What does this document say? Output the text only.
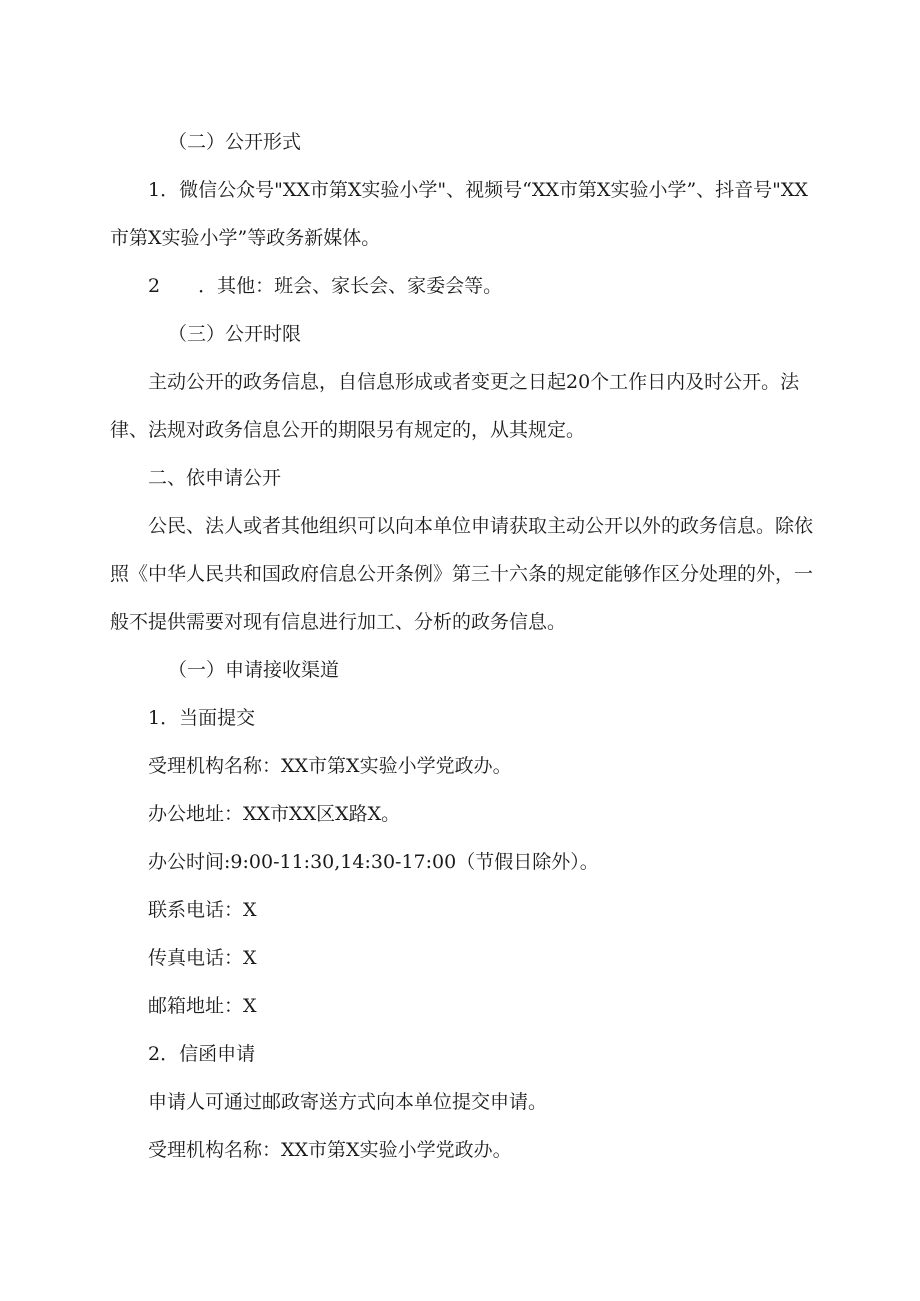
（二）公开形式

1．微信公众号"XX市第X实验小学"、视频号“XX市第X实验小学”、抖音号"XX市第X实验小学”等政务新媒体。

2　　．其他：班会、家长会、家委会等。

（三）公开时限

主动公开的政务信息，自信息形成或者变更之日起20个工作日内及时公开。法律、法规对政务信息公开的期限另有规定的，从其规定。

二、依申请公开

公民、法人或者其他组织可以向本单位申请获取主动公开以外的政务信息。除依照《中华人民共和国政府信息公开条例》第三十六条的规定能够作区分处理的外，一般不提供需要对现有信息进行加工、分析的政务信息。

（一）申请接收渠道

1．当面提交

受理机构名称：XX市第X实验小学党政办。

办公地址：XX市XX区X路X。

办公时间:9:00-11:30,14:30-17:00（节假日除外）。

联系电话：X

传真电话：X

邮箱地址：X

2．信函申请

申请人可通过邮政寄送方式向本单位提交申请。

受理机构名称：XX市第X实验小学党政办。
